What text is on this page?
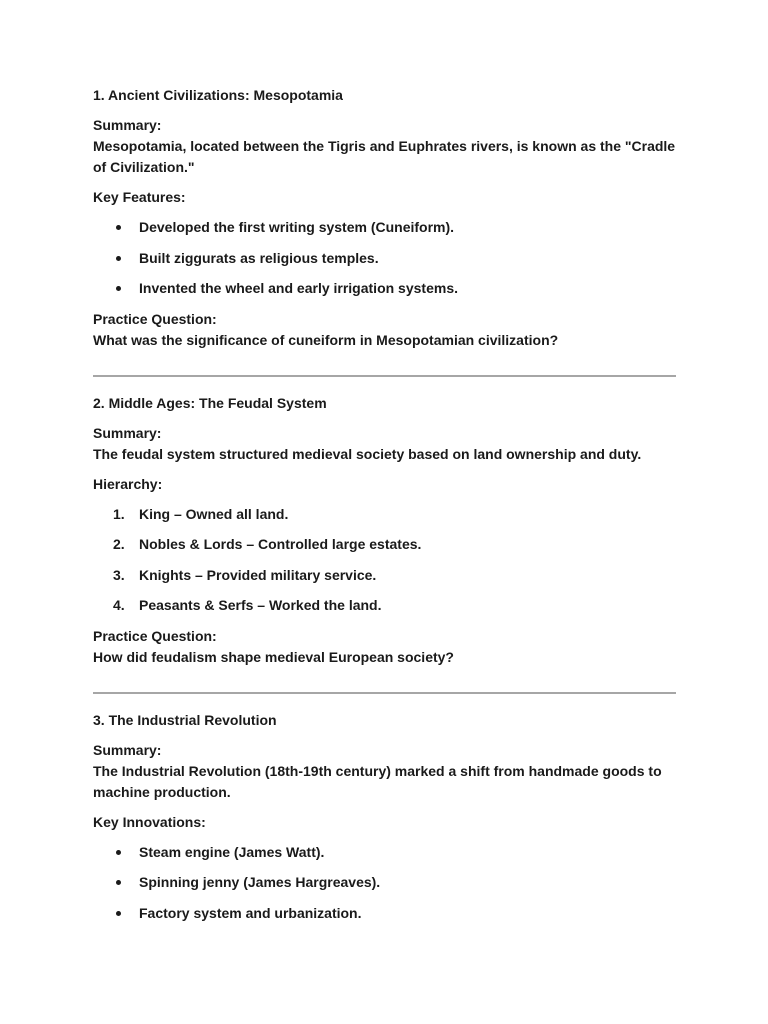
1. Ancient Civilizations: Mesopotamia
Summary:
Mesopotamia, located between the Tigris and Euphrates rivers, is known as the "Cradle of Civilization."
Key Features:
Developed the first writing system (Cuneiform).
Built ziggurats as religious temples.
Invented the wheel and early irrigation systems.
Practice Question:
What was the significance of cuneiform in Mesopotamian civilization?
2. Middle Ages: The Feudal System
Summary:
The feudal system structured medieval society based on land ownership and duty.
Hierarchy:
1.	King – Owned all land.
2.	Nobles & Lords – Controlled large estates.
3.	Knights – Provided military service.
4.	Peasants & Serfs – Worked the land.
Practice Question:
How did feudalism shape medieval European society?
3. The Industrial Revolution
Summary:
The Industrial Revolution (18th-19th century) marked a shift from handmade goods to machine production.
Key Innovations:
Steam engine (James Watt).
Spinning jenny (James Hargreaves).
Factory system and urbanization.
